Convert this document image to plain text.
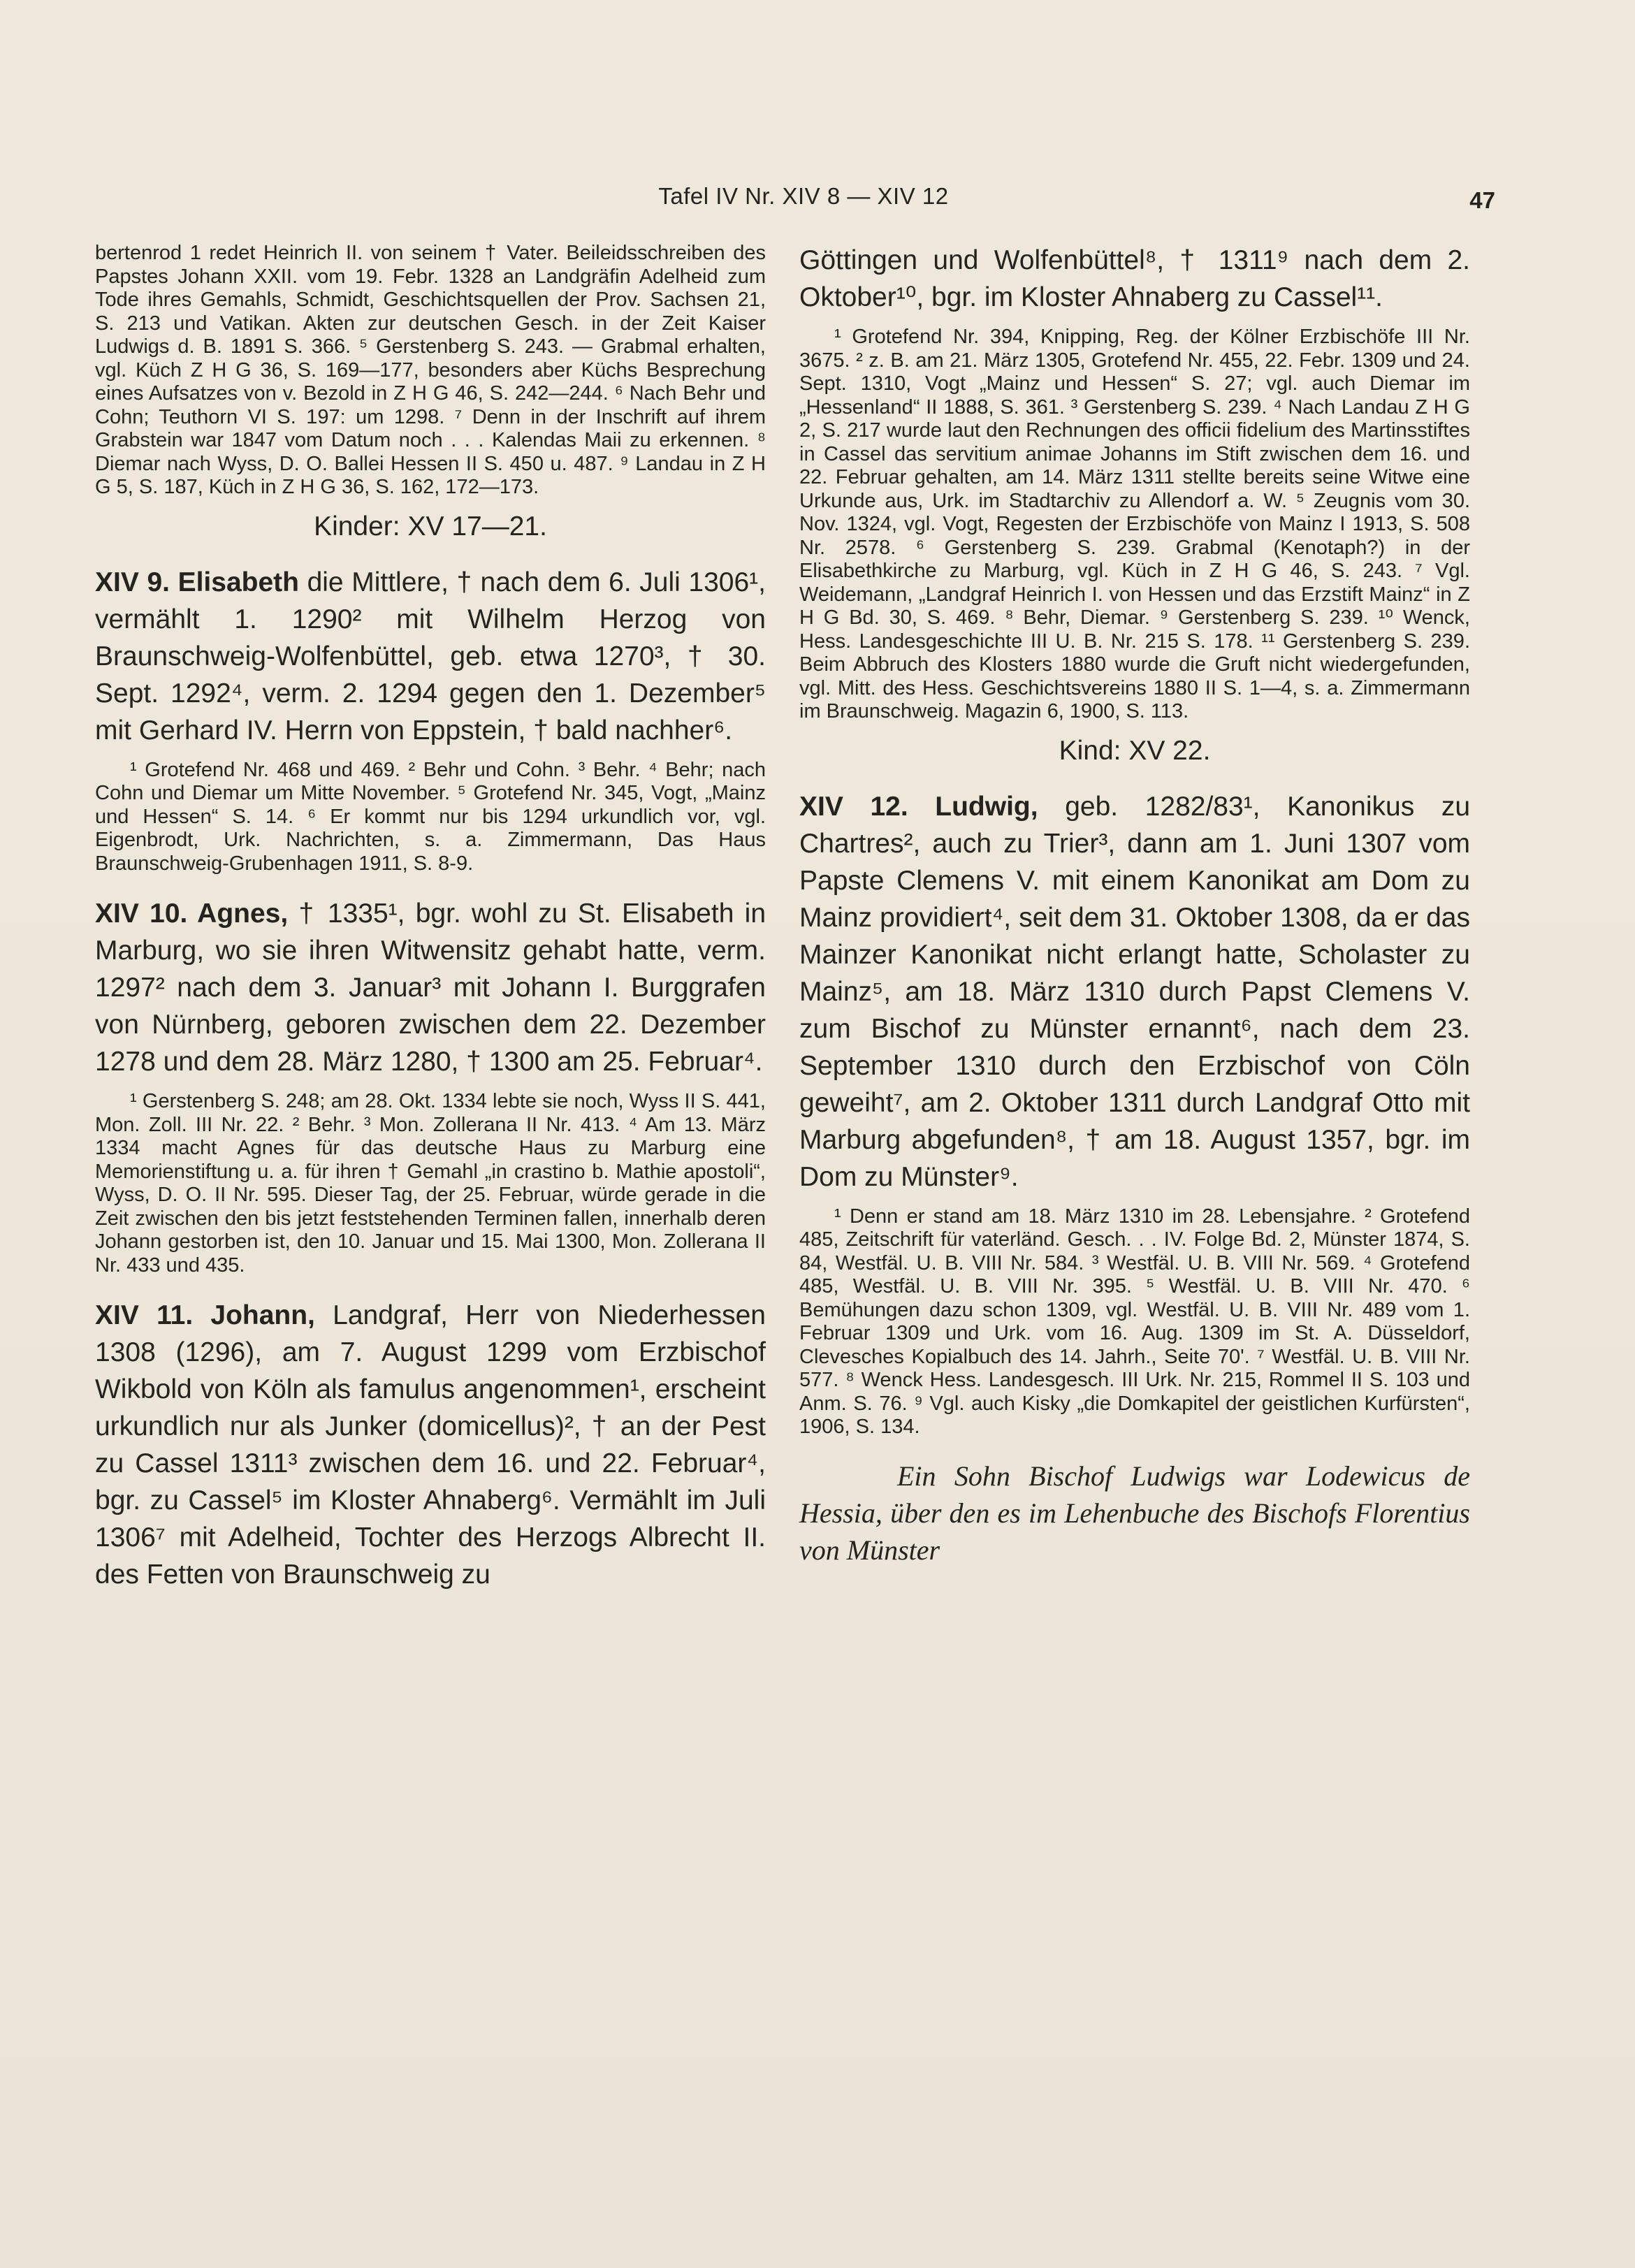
Tafel IV Nr. XIV 8 — XIV 12	47

bertenrod 1 redet Heinrich II. von seinem † Vater. Beileidsschreiben des Papstes Johann XXII. vom 19. Febr. 1328 an Landgräfin Adelheid zum Tode ihres Gemahls, Schmidt, Geschichtsquellen der Prov. Sachsen 21, S. 213 und Vatikan. Akten zur deutschen Gesch. in der Zeit Kaiser Ludwigs d. B. 1891 S. 366. ⁵ Gerstenberg S. 243. — Grabmal erhalten, vgl. Küch Z H G 36, S. 169—177, besonders aber Küchs Besprechung eines Aufsatzes von v. Bezold in Z H G 46, S. 242—244. ⁶ Nach Behr und Cohn; Teuthorn VI S. 197: um 1298. ⁷ Denn in der Inschrift auf ihrem Grabstein war 1847 vom Datum noch . . . Kalendas Maii zu erkennen. ⁸ Diemar nach Wyss, D. O. Ballei Hessen II S. 450 u. 487. ⁹ Landau in Z H G 5, S. 187, Küch in Z H G 36, S. 162, 172—173.

Kinder: XV 17—21.

XIV 9. Elisabeth die Mittlere, † nach dem 6. Juli 1306¹, vermählt 1. 1290² mit Wilhelm Herzog von Braunschweig-Wolfenbüttel, geb. etwa 1270³, † 30. Sept. 1292⁴, verm. 2. 1294 gegen den 1. Dezember⁵ mit Gerhard IV. Herrn von Eppstein, † bald nachher⁶.

¹ Grotefend Nr. 468 und 469. ² Behr und Cohn. ³ Behr. ⁴ Behr; nach Cohn und Diemar um Mitte November. ⁵ Grotefend Nr. 345, Vogt, „Mainz und Hessen“ S. 14. ⁶ Er kommt nur bis 1294 urkundlich vor, vgl. Eigenbrodt, Urk. Nachrichten, s. a. Zimmermann, Das Haus Braunschweig-Grubenhagen 1911, S. 8-9.

XIV 10. Agnes, † 1335¹, bgr. wohl zu St. Elisabeth in Marburg, wo sie ihren Witwensitz gehabt hatte, verm. 1297² nach dem 3. Januar³ mit Johann I. Burggrafen von Nürnberg, geboren zwischen dem 22. Dezember 1278 und dem 28. März 1280, † 1300 am 25. Februar⁴.

¹ Gerstenberg S. 248; am 28. Okt. 1334 lebte sie noch, Wyss II S. 441, Mon. Zoll. III Nr. 22. ² Behr. ³ Mon. Zollerana II Nr. 413. ⁴ Am 13. März 1334 macht Agnes für das deutsche Haus zu Marburg eine Memorienstiftung u. a. für ihren † Gemahl „in crastino b. Mathie apostoli“, Wyss, D. O. II Nr. 595. Dieser Tag, der 25. Februar, würde gerade in die Zeit zwischen den bis jetzt feststehenden Terminen fallen, innerhalb deren Johann gestorben ist, den 10. Januar und 15. Mai 1300, Mon. Zollerana II Nr. 433 und 435.

XIV 11. Johann, Landgraf, Herr von Niederhessen 1308 (1296), am 7. August 1299 vom Erzbischof Wikbold von Köln als famulus angenommen¹, erscheint urkundlich nur als Junker (domicellus)², † an der Pest zu Cassel 1311³ zwischen dem 16. und 22. Februar⁴, bgr. zu Cassel⁵ im Kloster Ahnaberg⁶. Vermählt im Juli 1306⁷ mit Adelheid, Tochter des Herzogs Albrecht II. des Fetten von Braunschweig zu

Göttingen und Wolfenbüttel⁸, † 1311⁹ nach dem 2. Oktober¹⁰, bgr. im Kloster Ahnaberg zu Cassel¹¹.

¹ Grotefend Nr. 394, Knipping, Reg. der Kölner Erzbischöfe III Nr. 3675. ² z. B. am 21. März 1305, Grotefend Nr. 455, 22. Febr. 1309 und 24. Sept. 1310, Vogt „Mainz und Hessen“ S. 27; vgl. auch Diemar im „Hessenland“ II 1888, S. 361. ³ Gerstenberg S. 239. ⁴ Nach Landau Z H G 2, S. 217 wurde laut den Rechnungen des officii fidelium des Martinsstiftes in Cassel das servitium animae Johanns im Stift zwischen dem 16. und 22. Februar gehalten, am 14. März 1311 stellte bereits seine Witwe eine Urkunde aus, Urk. im Stadtarchiv zu Allendorf a. W. ⁵ Zeugnis vom 30. Nov. 1324, vgl. Vogt, Regesten der Erzbischöfe von Mainz I 1913, S. 508 Nr. 2578. ⁶ Gerstenberg S. 239. Grabmal (Kenotaph?) in der Elisabethkirche zu Marburg, vgl. Küch in Z H G 46, S. 243. ⁷ Vgl. Weidemann, „Landgraf Heinrich I. von Hessen und das Erzstift Mainz“ in Z H G Bd. 30, S. 469. ⁸ Behr, Diemar. ⁹ Gerstenberg S. 239. ¹⁰ Wenck, Hess. Landesgeschichte III U. B. Nr. 215 S. 178. ¹¹ Gerstenberg S. 239. Beim Abbruch des Klosters 1880 wurde die Gruft nicht wiedergefunden, vgl. Mitt. des Hess. Geschichtsvereins 1880 II S. 1—4, s. a. Zimmermann im Braunschweig. Magazin 6, 1900, S. 113.

Kind: XV 22.

XIV 12. Ludwig, geb. 1282/83¹, Kanonikus zu Chartres², auch zu Trier³, dann am 1. Juni 1307 vom Papste Clemens V. mit einem Kanonikat am Dom zu Mainz providiert⁴, seit dem 31. Oktober 1308, da er das Mainzer Kanonikat nicht erlangt hatte, Scholaster zu Mainz⁵, am 18. März 1310 durch Papst Clemens V. zum Bischof zu Münster ernannt⁶, nach dem 23. September 1310 durch den Erzbischof von Cöln geweiht⁷, am 2. Oktober 1311 durch Landgraf Otto mit Marburg abgefunden⁸, † am 18. August 1357, bgr. im Dom zu Münster⁹.

¹ Denn er stand am 18. März 1310 im 28. Lebensjahre. ² Grotefend 485, Zeitschrift für vaterländ. Gesch. . . IV. Folge Bd. 2, Münster 1874, S. 84, Westfäl. U. B. VIII Nr. 584. ³ Westfäl. U. B. VIII Nr. 569. ⁴ Grotefend 485, Westfäl. U. B. VIII Nr. 395. ⁵ Westfäl. U. B. VIII Nr. 470. ⁶ Bemühungen dazu schon 1309, vgl. Westfäl. U. B. VIII Nr. 489 vom 1. Februar 1309 und Urk. vom 16. Aug. 1309 im St. A. Düsseldorf, Clevesches Kopialbuch des 14. Jahrh., Seite 70'. ⁷ Westfäl. U. B. VIII Nr. 577. ⁸ Wenck Hess. Landesgesch. III Urk. Nr. 215, Rommel II S. 103 und Anm. S. 76. ⁹ Vgl. auch Kisky „die Domkapitel der geistlichen Kurfürsten“, 1906, S. 134.

Ein Sohn Bischof Ludwigs war Lodewicus de Hessia, über den es im Lehenbuche des Bischofs Florentius von Münster
